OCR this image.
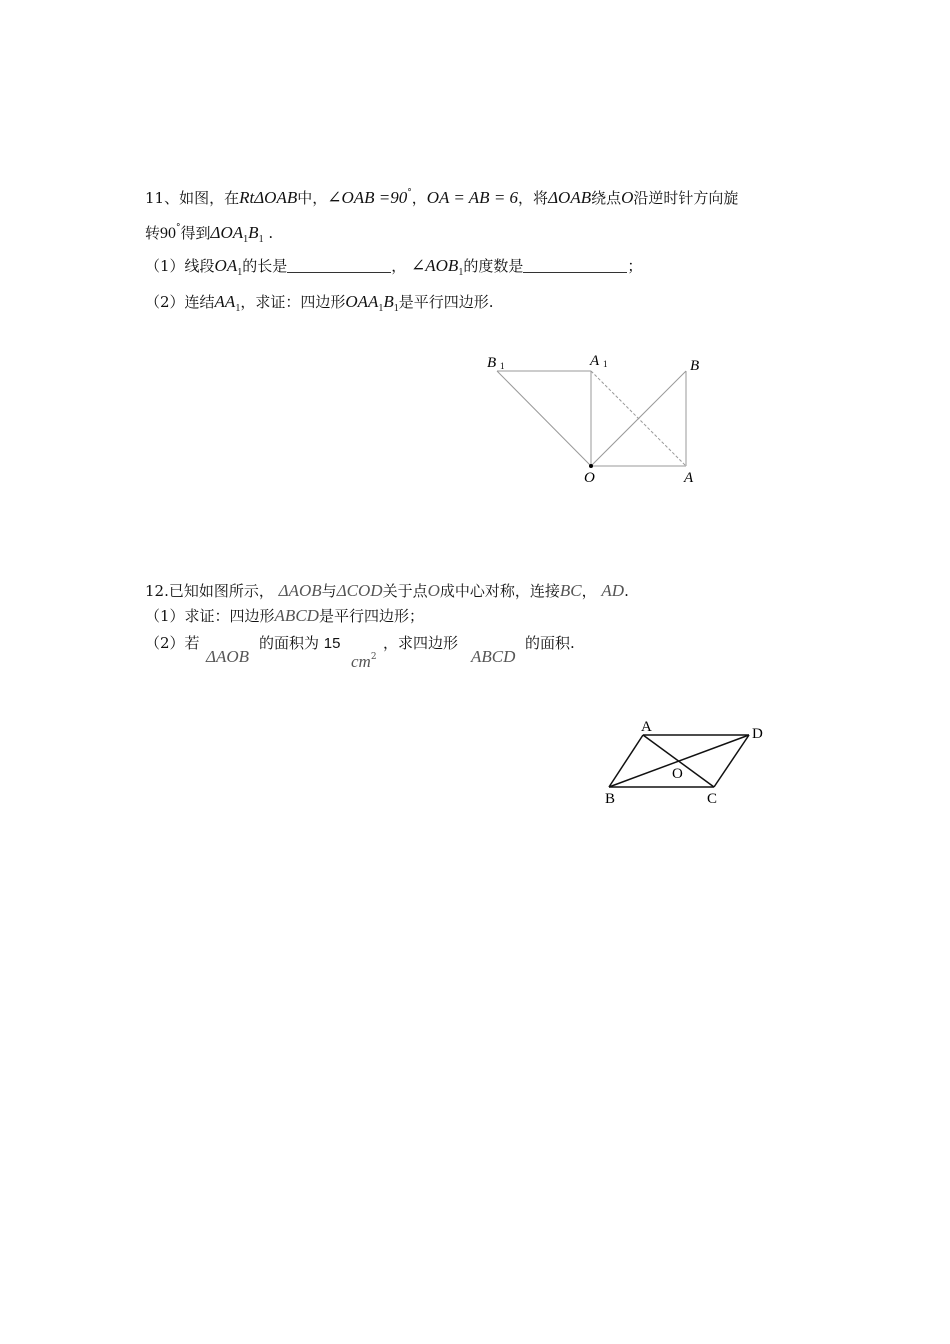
11、如图，在RtΔOAB中，∠OAB =90°，OA = AB = 6，将ΔOAB绕点O沿逆时针方向旋
转90°得到$\Delta OA_1B_1$ .
（1）线段$OA_1$的长是	， $\angle AOB_1$的度数是	；
（2）连结$AA_1$，求证：四边形$OAA_1B_1$是平行四边形.
B 1	A 1	B
O	A
A	D
O
B	C
12.已知如图所示， ΔAOB与ΔCOD关于点O成中心对称，连接BC， AD.
（1）求证：四边形ABCD是平行四边形；
（2）若
ΔAOB
的面积为 15
$cm^2$
，求四边形
ABCD
的面积.
